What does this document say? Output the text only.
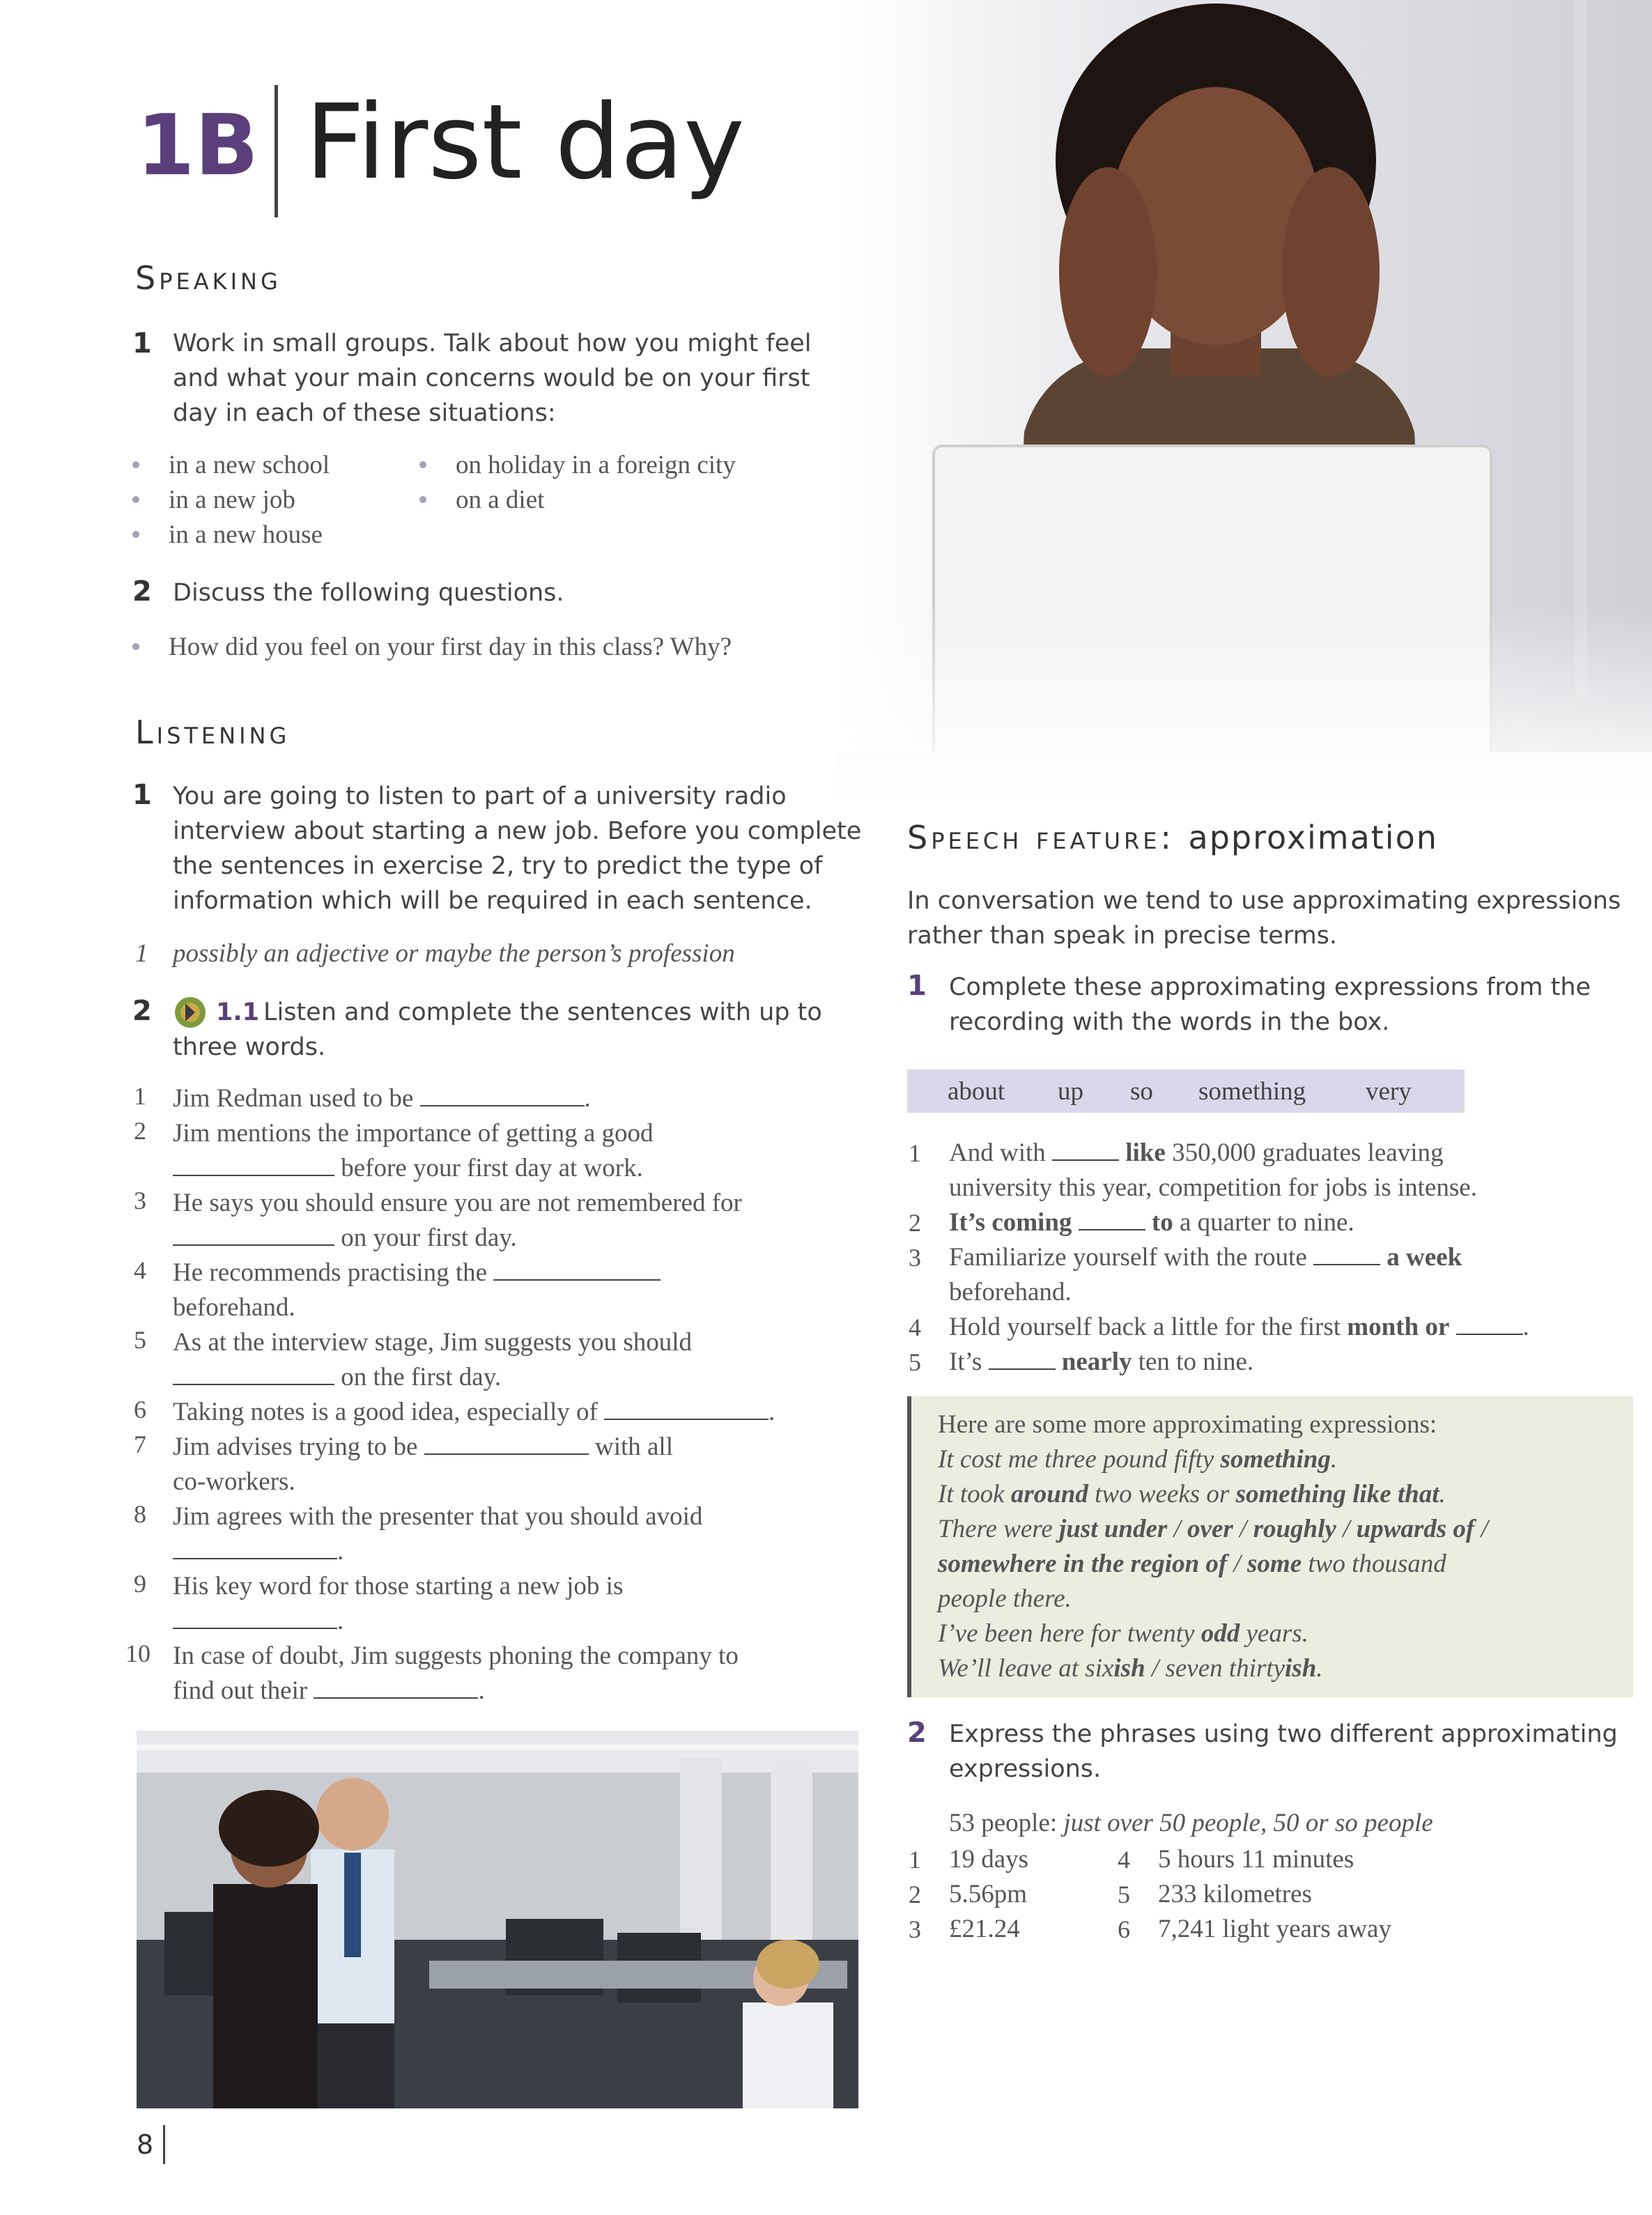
1B First day
Speaking
1 Work in small groups. Talk about how you might feel
and what your main concerns would be on your first
day in each of these situations:
in a new school
in a new job
in a new house
on holiday in a foreign city
on a diet
2 Discuss the following questions.
How did you feel on your first day in this class? Why?
Listening
1 You are going to listen to part of a university radio
interview about starting a new job. Before you complete
the sentences in exercise 2, try to predict the type of
information which will be required in each sentence.
1 possibly an adjective or maybe the person’s profession
2	1.1 Listen and complete the sentences with up to
three words.
1 Jim Redman used to be	.
2 Jim mentions the importance of getting a good
before your first day at work.
3 He says you should ensure you are not remembered for
on your first day.
4 He recommends practising the
beforehand.
5 As at the interview stage, Jim suggests you should
on the first day.
6 Taking notes is a good idea, especially of	.
7 Jim advises trying to be	with all
co-workers.
8 Jim agrees with the presenter that you should avoid
.
9 His key word for those starting a new job is
.
10 In case of doubt, Jim suggests phoning the company to
find out their	.
Speech feature: approximation
In conversation we tend to use approximating expressions
rather than speak in precise terms.
1 Complete these approximating expressions from the
recording with the words in the box.
about up so something very
1 And with	like 350,000 graduates leaving
university this year, competition for jobs is intense.
2 It’s coming	to a quarter to nine.
3 Familiarize yourself with the route	a week
beforehand.
4 Hold yourself back a little for the first month or	.
5 It’s	nearly ten to nine.
Here are some more approximating expressions:
It cost me three pound fifty something.
It took around two weeks or something like that.
There were just under / over / roughly / upwards of /
somewhere in the region of / some two thousand
people there.
I’ve been here for twenty odd years.
We’ll leave at sixish / seven thirtyish.
2 Express the phrases using two different approximating
expressions.
53 people: just over 50 people, 50 or so people
1 19 days
2 5.56pm
3 £21.24
4 5 hours 11 minutes
5 233 kilometres
6 7,241 light years away
8
